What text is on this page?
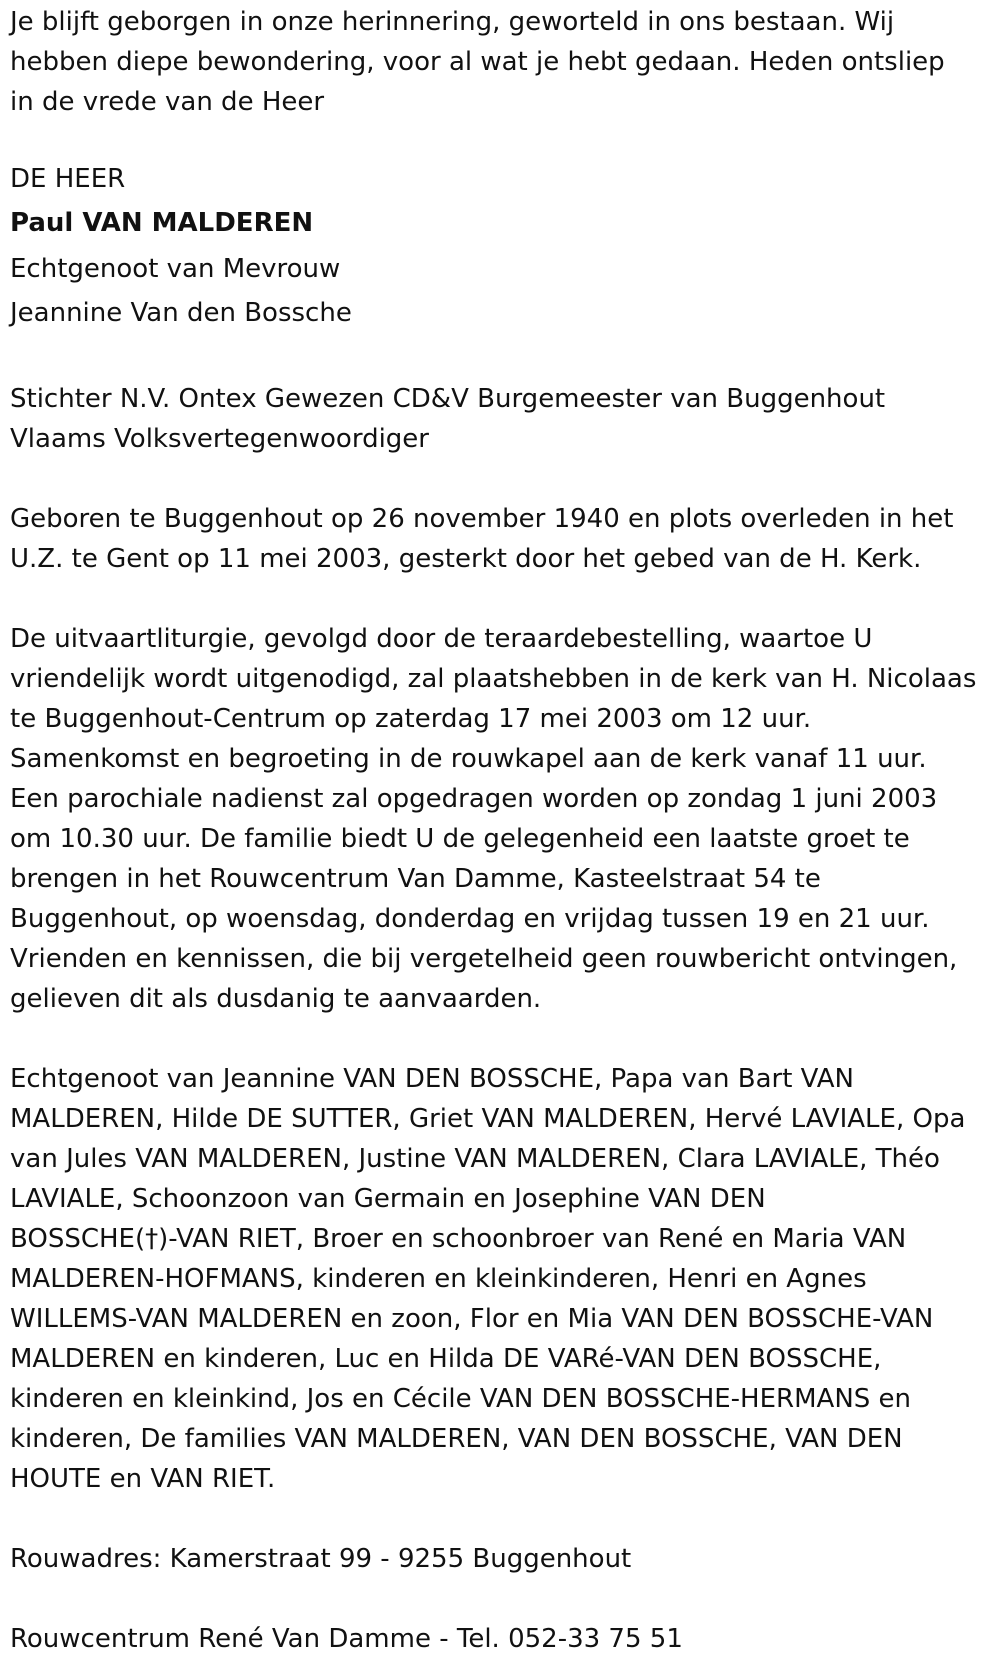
Je blijft geborgen in onze herinnering, geworteld in ons bestaan. Wij
hebben diepe bewondering, voor al wat je hebt gedaan. Heden ontsliep
in de vrede van de Heer

DE HEER
Paul VAN MALDEREN
Echtgenoot van Mevrouw
Jeannine Van den Bossche

Stichter N.V. Ontex Gewezen CD&V Burgemeester van Buggenhout
Vlaams Volksvertegenwoordiger

Geboren te Buggenhout op 26 november 1940 en plots overleden in het
U.Z. te Gent op 11 mei 2003, gesterkt door het gebed van de H. Kerk.

De uitvaartliturgie, gevolgd door de teraardebestelling, waartoe U
vriendelijk wordt uitgenodigd, zal plaatshebben in de kerk van H. Nicolaas
te Buggenhout-Centrum op zaterdag 17 mei 2003 om 12 uur.
Samenkomst en begroeting in de rouwkapel aan de kerk vanaf 11 uur.
Een parochiale nadienst zal opgedragen worden op zondag 1 juni 2003
om 10.30 uur. De familie biedt U de gelegenheid een laatste groet te
brengen in het Rouwcentrum Van Damme, Kasteelstraat 54 te
Buggenhout, op woensdag, donderdag en vrijdag tussen 19 en 21 uur.
Vrienden en kennissen, die bij vergetelheid geen rouwbericht ontvingen,
gelieven dit als dusdanig te aanvaarden.

Echtgenoot van Jeannine VAN DEN BOSSCHE, Papa van Bart VAN
MALDEREN, Hilde DE SUTTER, Griet VAN MALDEREN, Hervé LAVIALE, Opa
van Jules VAN MALDEREN, Justine VAN MALDEREN, Clara LAVIALE, Théo
LAVIALE, Schoonzoon van Germain en Josephine VAN DEN
BOSSCHE(†)-VAN RIET, Broer en schoonbroer van René en Maria VAN
MALDEREN-HOFMANS, kinderen en kleinkinderen, Henri en Agnes
WILLEMS-VAN MALDEREN en zoon, Flor en Mia VAN DEN BOSSCHE-VAN
MALDEREN en kinderen, Luc en Hilda DE VARé-VAN DEN BOSSCHE,
kinderen en kleinkind, Jos en Cécile VAN DEN BOSSCHE-HERMANS en
kinderen, De families VAN MALDEREN, VAN DEN BOSSCHE, VAN DEN
HOUTE en VAN RIET.

Rouwadres: Kamerstraat 99 - 9255 Buggenhout

Rouwcentrum René Van Damme - Tel. 052-33 75 51
